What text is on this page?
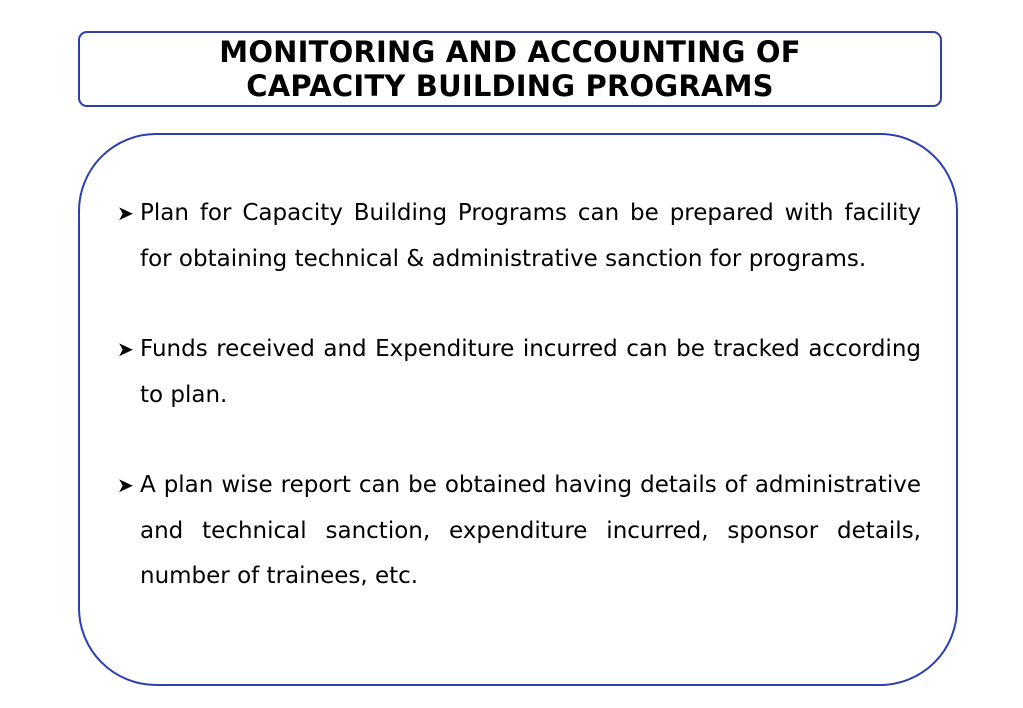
MONITORING AND ACCOUNTING OF
CAPACITY BUILDING PROGRAMS
➤ Plan for Capacity Building Programs can be prepared with facility for obtaining technical & administrative sanction for programs.
➤ Funds received and Expenditure incurred can be tracked according to plan.
➤ A plan wise report can be obtained having details of administrative and technical sanction, expenditure incurred, sponsor details, number of trainees, etc.
